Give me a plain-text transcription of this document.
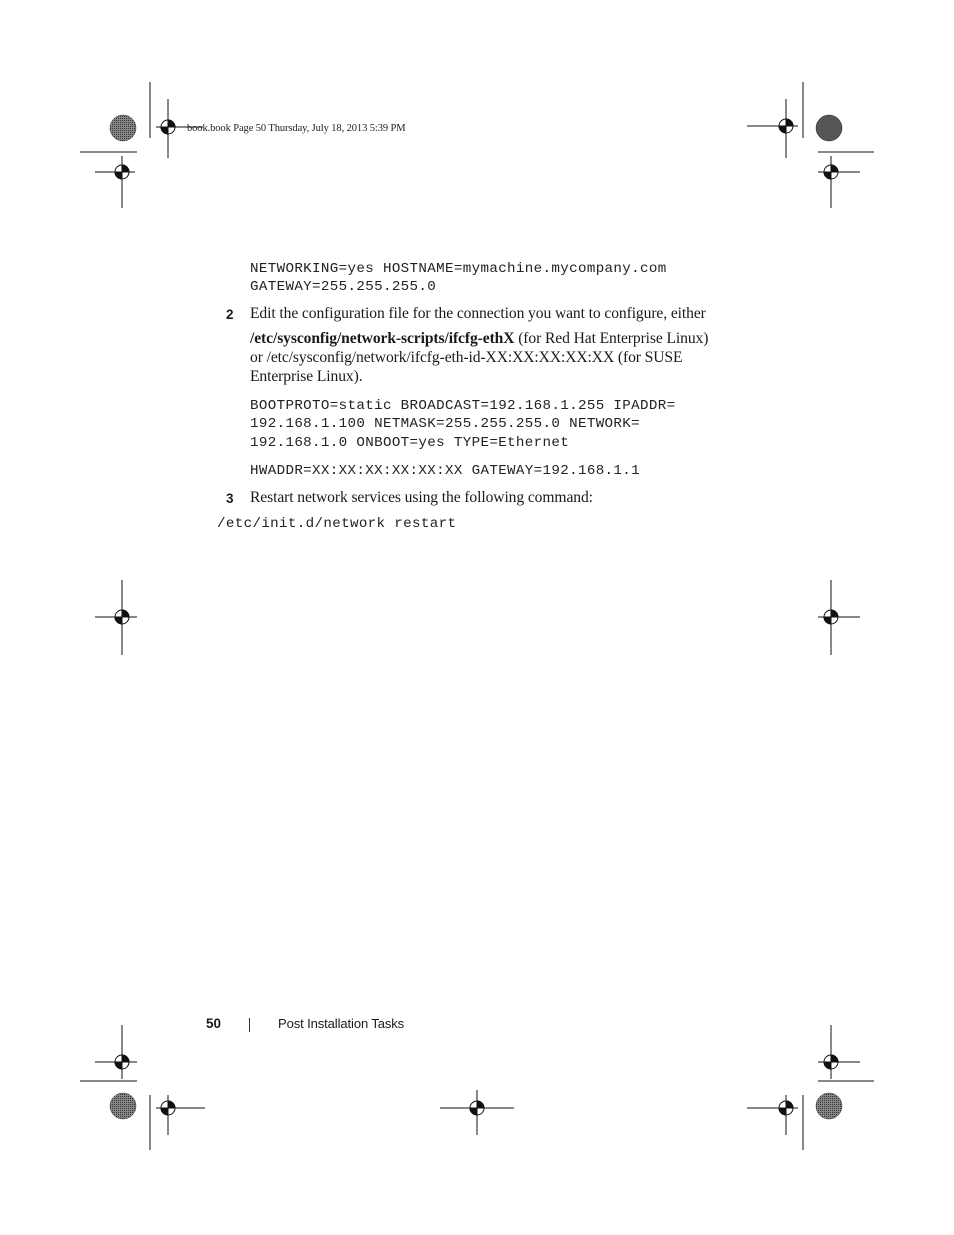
book.book Page 50 Thursday, July 18, 2013 5:39 PM
NETWORKING=yes HOSTNAME=mymachine.mycompany.com
GATEWAY=255.255.255.0
2 Edit the configuration file for the connection you want to configure, either
/etc/sysconfig/network-scripts/ifcfg-ethX (for Red Hat Enterprise Linux)
or /etc/sysconfig/network/ifcfg-eth-id-XX:XX:XX:XX:XX (for SUSE
Enterprise Linux).
BOOTPROTO=static BROADCAST=192.168.1.255 IPADDR=
192.168.1.100 NETMASK=255.255.255.0 NETWORK=
192.168.1.0 ONBOOT=yes TYPE=Ethernet
HWADDR=XX:XX:XX:XX:XX:XX GATEWAY=192.168.1.1
3 Restart network services using the following command:
/etc/init.d/network restart
50	Post Installation Tasks
